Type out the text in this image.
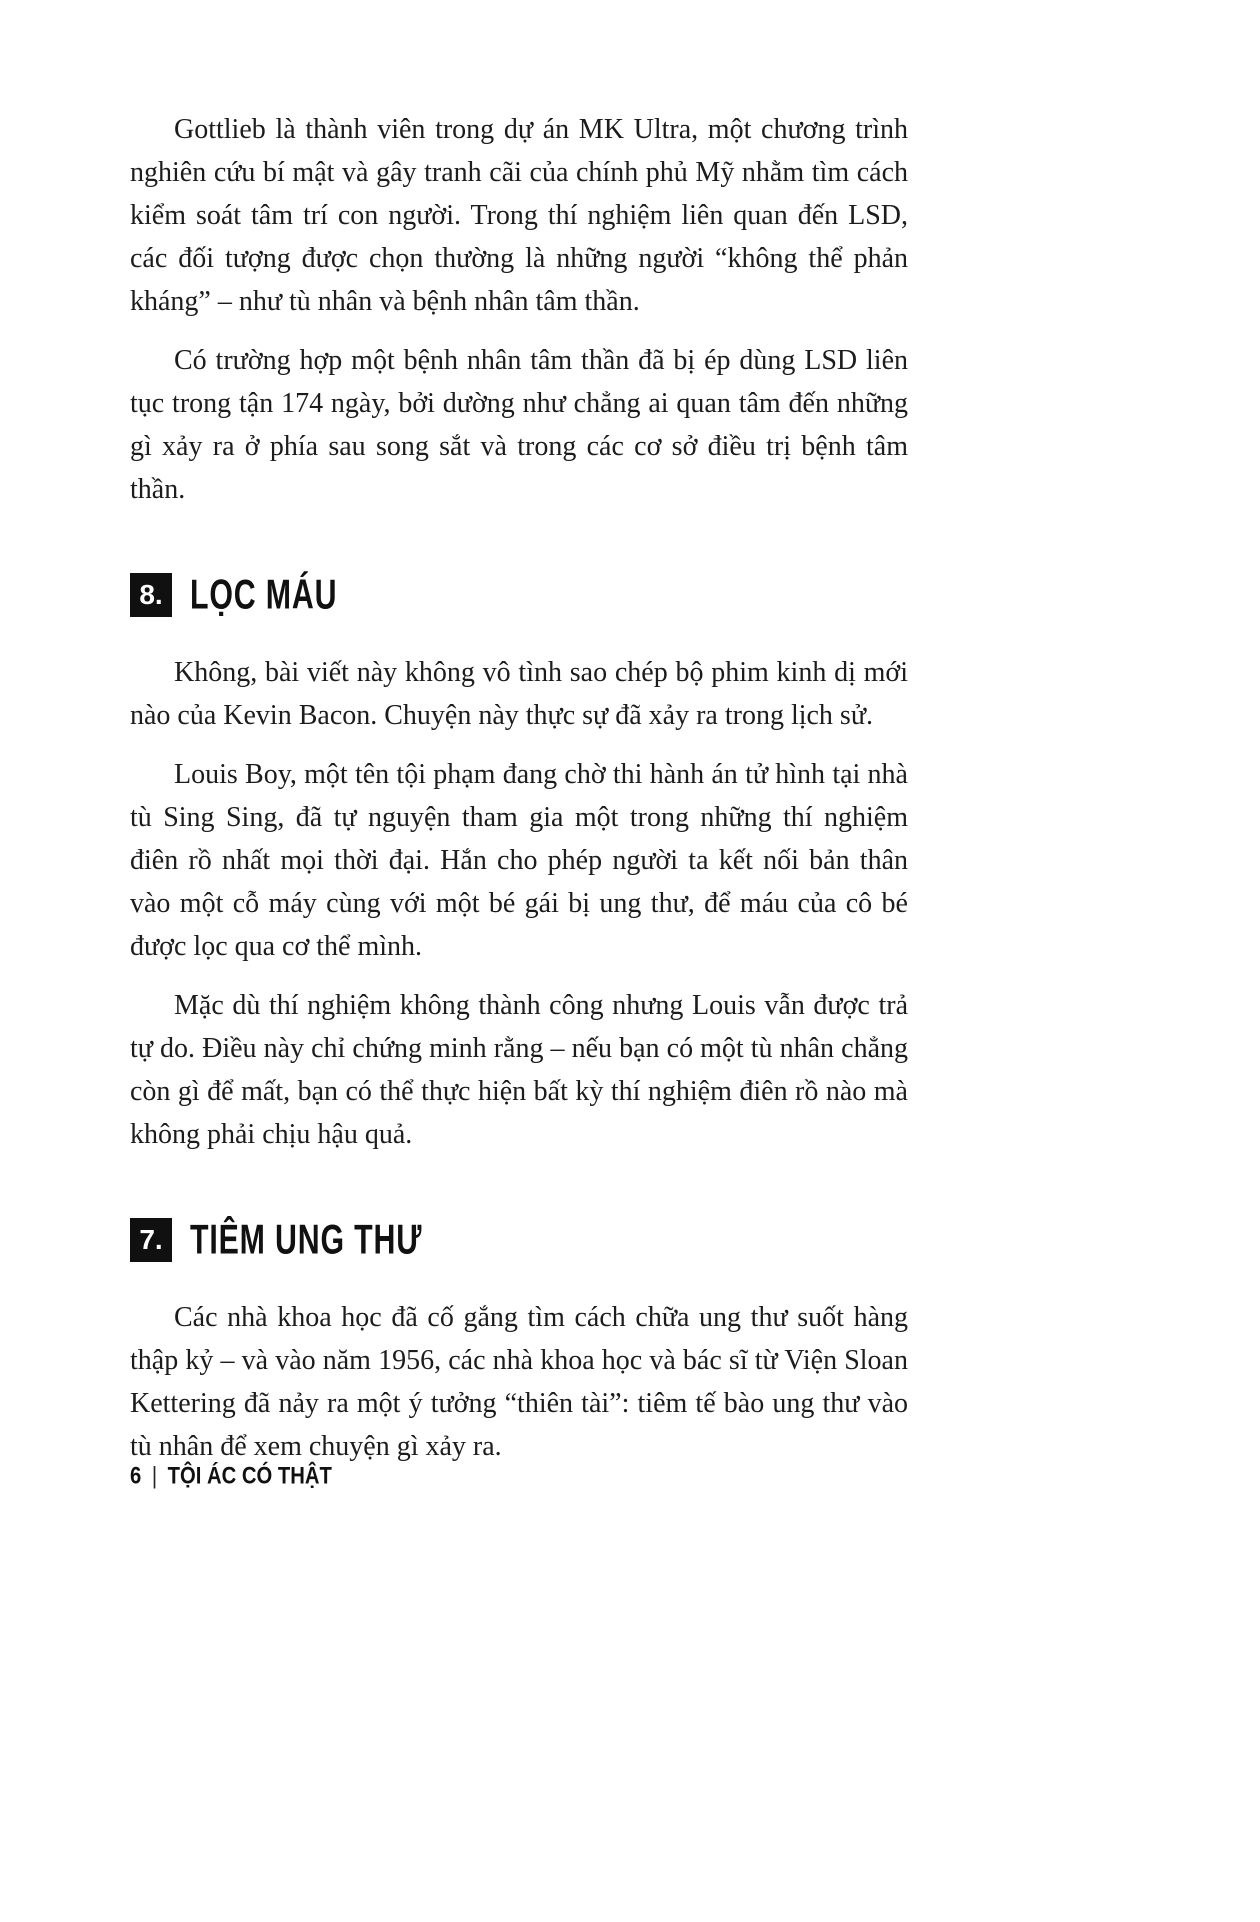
Gottlieb là thành viên trong dự án MK Ultra, một chương trình nghiên cứu bí mật và gây tranh cãi của chính phủ Mỹ nhằm tìm cách kiểm soát tâm trí con người. Trong thí nghiệm liên quan đến LSD, các đối tượng được chọn thường là những người “không thể phản kháng” – như tù nhân và bệnh nhân tâm thần.

Có trường hợp một bệnh nhân tâm thần đã bị ép dùng LSD liên tục trong tận 174 ngày, bởi dường như chẳng ai quan tâm đến những gì xảy ra ở phía sau song sắt và trong các cơ sở điều trị bệnh tâm thần.

8. LỌC MÁU

Không, bài viết này không vô tình sao chép bộ phim kinh dị mới nào của Kevin Bacon. Chuyện này thực sự đã xảy ra trong lịch sử.

Louis Boy, một tên tội phạm đang chờ thi hành án tử hình tại nhà tù Sing Sing, đã tự nguyện tham gia một trong những thí nghiệm điên rồ nhất mọi thời đại. Hắn cho phép người ta kết nối bản thân vào một cỗ máy cùng với một bé gái bị ung thư, để máu của cô bé được lọc qua cơ thể mình.

Mặc dù thí nghiệm không thành công nhưng Louis vẫn được trả tự do. Điều này chỉ chứng minh rằng – nếu bạn có một tù nhân chẳng còn gì để mất, bạn có thể thực hiện bất kỳ thí nghiệm điên rồ nào mà không phải chịu hậu quả.

7. TIÊM UNG THƯ

Các nhà khoa học đã cố gắng tìm cách chữa ung thư suốt hàng thập kỷ – và vào năm 1956, các nhà khoa học và bác sĩ từ Viện Sloan Kettering đã nảy ra một ý tưởng “thiên tài”: tiêm tế bào ung thư vào tù nhân để xem chuyện gì xảy ra.

6 | TỘI ÁC CÓ THẬT
